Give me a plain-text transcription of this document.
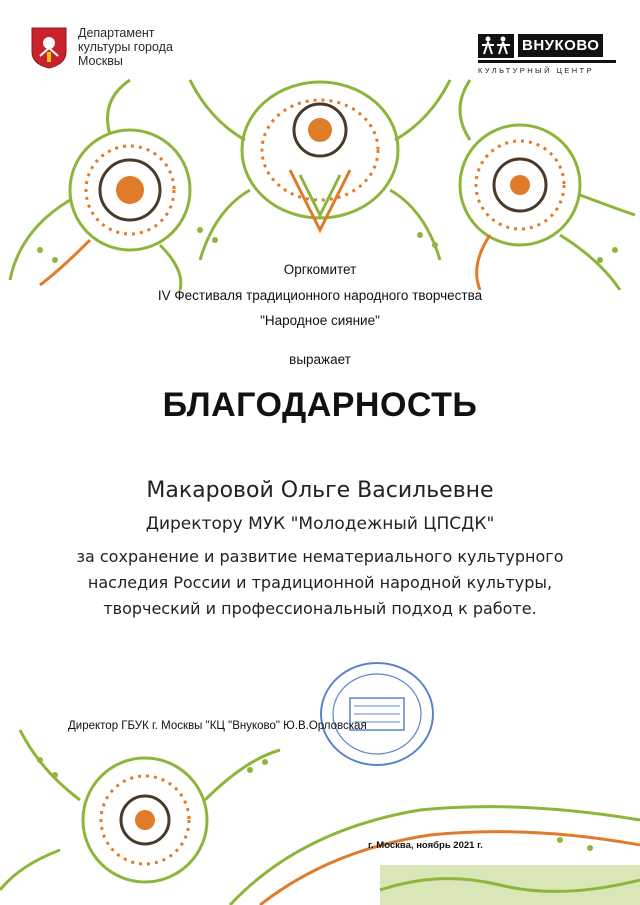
Департамент культуры города Москвы
ВНУКОВО
КУЛЬТУРНЫЙ ЦЕНТР
Оргкомитет
IV Фестиваля традиционного народного творчества
"Народное сияние"
выражает
БЛАГОДАРНОСТЬ
Макаровой Ольге Васильевне
Директору МУК "Молодежный ЦПСДК"
за сохранение и развитие нематериального культурного
наследия России и традиционной народной культуры,
творческий и профессиональный подход к работе.
Директор ГБУК г. Москвы "КЦ "Внуково" Ю.В.Орловская
г. Москва, ноябрь 2021 г.
